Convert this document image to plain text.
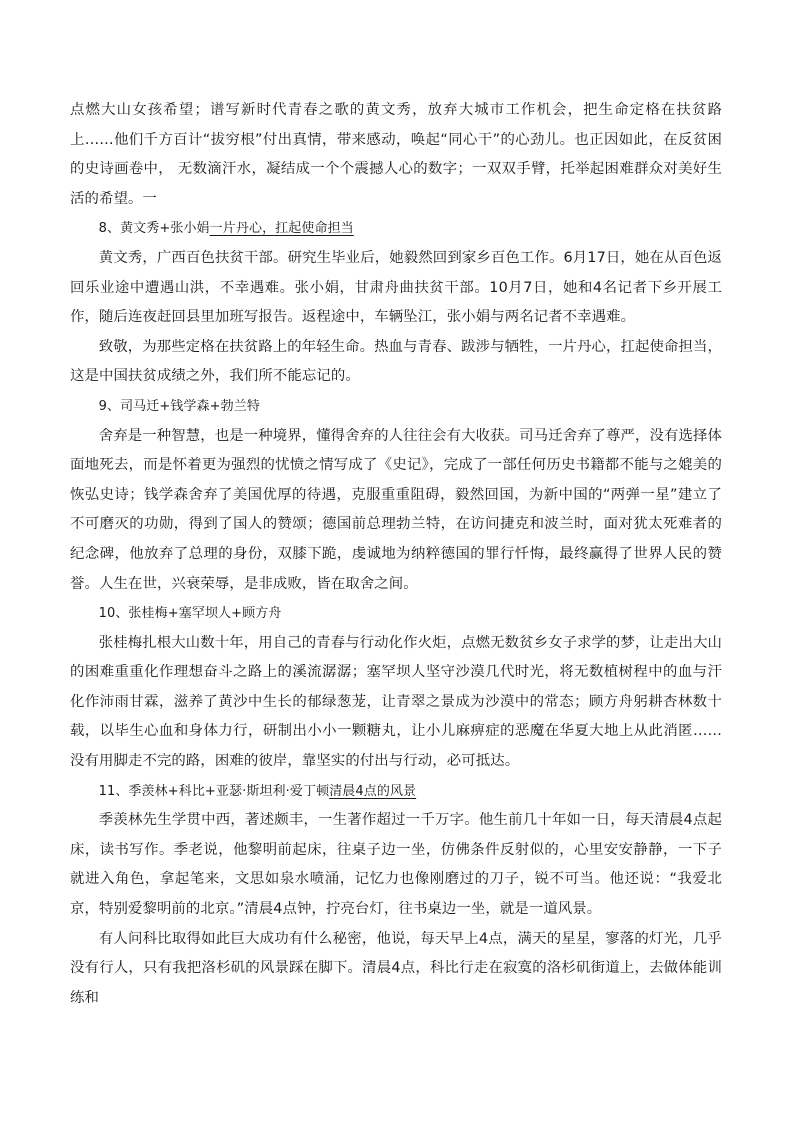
点燃大山女孩希望；谱写新时代青春之歌的黄文秀，放弃大城市工作机会，把生命定格在扶贫路上……他们千方百计“拔穷根”付出真情，带来感动，唤起“同心干”的心劲儿。也正因如此，在反贫困的史诗画卷中， 无数滴汗水，凝结成一个个震撼人心的数字；一双双手臂，托举起困难群众对美好生活的希望。一

8、黄文秀+张小娟一片丹心，扛起使命担当

黄文秀，广西百色扶贫干部。研究生毕业后，她毅然回到家乡百色工作。6月17日，她在从百色返回乐业途中遭遇山洪，不幸遇难。张小娟，甘肃舟曲扶贫干部。10月7日，她和4名记者下乡开展工作，随后连夜赶回县里加班写报告。返程途中，车辆坠江，张小娟与两名记者不幸遇难。

致敬，为那些定格在扶贫路上的年轻生命。热血与青春、跋涉与牺牲，一片丹心，扛起使命担当，这是中国扶贫成绩之外，我们所不能忘记的。

9、司马迁+钱学森+勃兰特

舍弃是一种智慧，也是一种境界，懂得舍弃的人往往会有大收获。司马迁舍弃了尊严，没有选择体面地死去，而是怀着更为强烈的忧愤之情写成了《史记》，完成了一部任何历史书籍都不能与之媲美的恢弘史诗；钱学森舍弃了美国优厚的待遇，克服重重阻碍，毅然回国，为新中国的“两弹一星”建立了不可磨灭的功勋，得到了国人的赞颂；德国前总理勃兰特，在访问捷克和波兰时，面对犹太死难者的纪念碑，他放弃了总理的身份，双膝下跪，虔诚地为纳粹德国的罪行忏悔，最终赢得了世界人民的赞誉。人生在世，兴衰荣辱，是非成败，皆在取舍之间。

10、张桂梅+塞罕坝人+顾方舟

张桂梅扎根大山数十年，用自己的青春与行动化作火炬，点燃无数贫乡女子求学的梦，让走出大山的困难重重化作理想奋斗之路上的溪流潺潺；塞罕坝人坚守沙漠几代时光，将无数植树程中的血与汗化作沛雨甘霖，滋养了黄沙中生长的郁绿葱茏，让青翠之景成为沙漠中的常态；顾方舟躬耕杏林数十载，以毕生心血和身体力行，研制出小小一颗糖丸，让小儿麻痹症的恶魔在华夏大地上从此消匿……没有用脚走不完的路，困难的彼岸，靠坚实的付出与行动，必可抵达。

11、季羡林+科比+亚瑟·斯坦利·爱丁顿清晨4点的风景

季羡林先生学贯中西，著述颇丰，一生著作超过一千万字。他生前几十年如一日，每天清晨4点起床，读书写作。季老说，他黎明前起床，往桌子边一坐，仿佛条件反射似的，心里安安静静，一下子就进入角色，拿起笔来，文思如泉水喷涌，记忆力也像刚磨过的刀子，锐不可当。他还说：“我爱北京，特别爱黎明前的北京。”清晨4点钟，拧亮台灯，往书桌边一坐，就是一道风景。

有人问科比取得如此巨大成功有什么秘密，他说，每天早上4点，满天的星星，寥落的灯光，几乎没有行人，只有我把洛杉矶的风景踩在脚下。清晨4点，科比行走在寂寞的洛杉矶街道上，去做体能训练和
